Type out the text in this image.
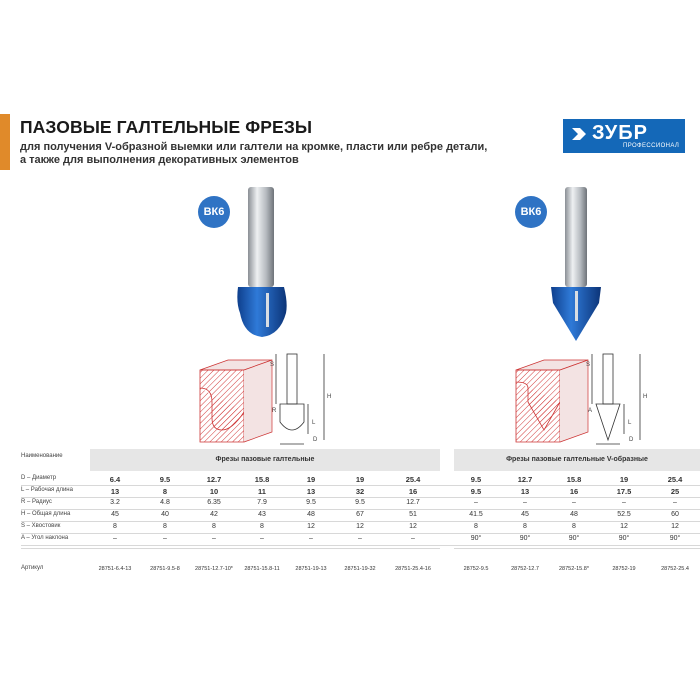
ПАЗОВЫЕ ГАЛТЕЛЬНЫЕ ФРЕЗЫ
для получения V-образной выемки или галтели на кромке, пласти или ребре детали,
а также для выполнения декоративных элементов
ЗУБР
ПРОФЕССИОНАЛ
ВК6	ВК6
S
H
R
L
D
S
H
A
L
D
Наименование	Фрезы пазовые галтельные	Фрезы пазовые галтельные V-образные
D – Диаметр	6.4	9.5	12.7	15.8	19	19	25.4	9.5	12.7	15.8	19	25.4
L – Рабочая длина	13	8	10	11	13	32	16	9.5	13	16	17.5	25
R – Радиус	3.2	4.8	6.35	7.9	9.5	9.5	12.7	–	–	–	–	–
H – Общая длина	45	40	42	43	48	67	51	41.5	45	48	52.5	60
S – Хвостовик	8	8	8	8	12	12	12	8	8	8	12	12
A – Угол наклона	–	–	–	–	–	–	–	90°	90°	90°	90°	90°
Артикул	28751-6.4-13	28751-9.5-8	28751-12.7-10*	28751-15.8-11	28751-19-13	28751-19-32	28751-25.4-16	28752-9.5	28752-12.7	28752-15.8*	28752-19	28752-25.4
